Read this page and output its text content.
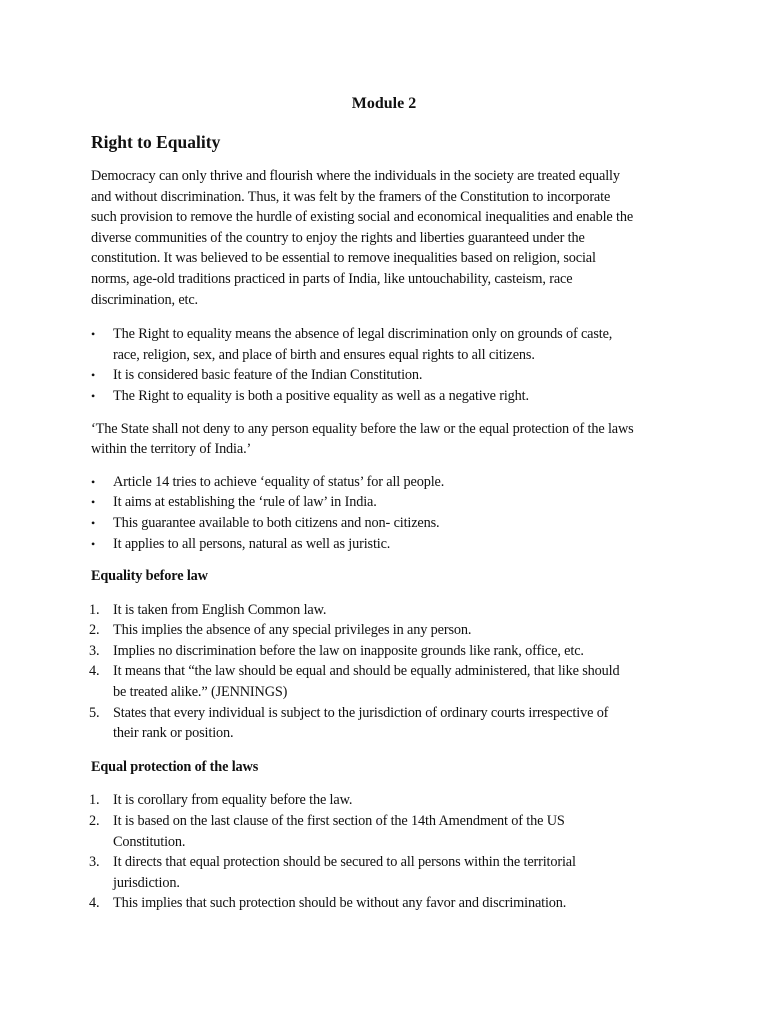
Module 2
Right to Equality

Democracy can only thrive and flourish where the individuals in the society are treated equally
and without discrimination. Thus, it was felt by the framers of the Constitution to incorporate
such provision to remove the hurdle of existing social and economical inequalities and enable the
diverse communities of the country to enjoy the rights and liberties guaranteed under the
constitution. It was believed to be essential to remove inequalities based on religion, social
norms, age-old traditions practiced in parts of India, like untouchability, casteism, race
discrimination, etc.

• The Right to equality means the absence of legal discrimination only on grounds of caste,
race, religion, sex, and place of birth and ensures equal rights to all citizens.
• It is considered basic feature of the Indian Constitution.
• The Right to equality is both a positive equality as well as a negative right.

‘The State shall not deny to any person equality before the law or the equal protection of the laws
within the territory of India.’

• Article 14 tries to achieve ‘equality of status’ for all people.
• It aims at establishing the ‘rule of law’ in India.
• This guarantee available to both citizens and non- citizens.
• It applies to all persons, natural as well as juristic.
Equality before law
1. It is taken from English Common law.
2. This implies the absence of any special privileges in any person.
3. Implies no discrimination before the law on inapposite grounds like rank, office, etc.
4. It means that “the law should be equal and should be equally administered, that like should
be treated alike.” (JENNINGS)
5. States that every individual is subject to the jurisdiction of ordinary courts irrespective of
their rank or position.
Equal protection of the laws
1. It is corollary from equality before the law.
2. It is based on the last clause of the first section of the 14th Amendment of the US
Constitution.
3. It directs that equal protection should be secured to all persons within the territorial
jurisdiction.
4. This implies that such protection should be without any favor and discrimination.
